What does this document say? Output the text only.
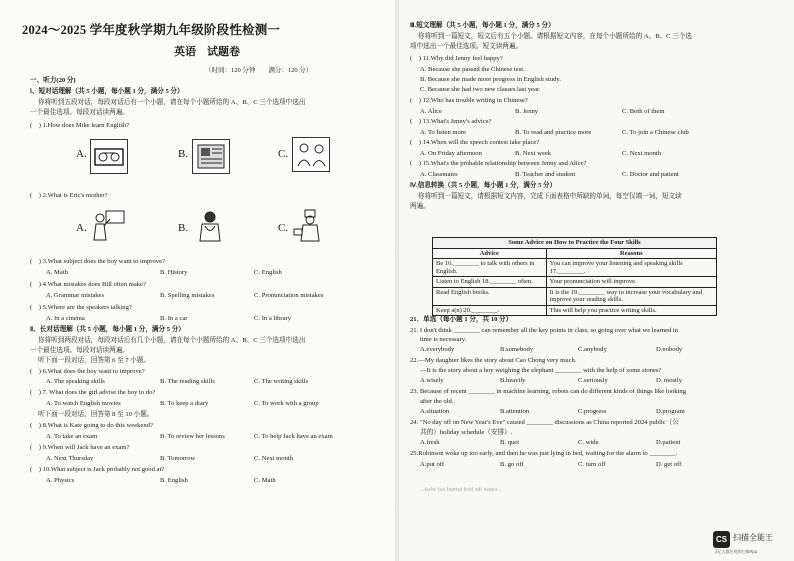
2024～2025 学年度秋学期九年级阶段性检测一
英语　试题卷
（时间：120 分钟　　满分：120 分）
一、听力(20 分)
Ⅰ、短对话理解（共 5 小题，每小题 1 分，满分 5 分）
你将听到五段对话，每段对话后有一个小题，请在每个小题所给的 A、B、C 三个选项中选出
一个最佳选项。每段对话读两遍。
(　) 1.How does Mike learn English?
A.	B.	C.
(　) 2.What is Eric's mother?
A.	B.	C.
(　) 3.What subject does the boy want to improve?
A. Math	B. History	C. English
(　) 4.What mistakes does Bill often make?
A. Grammar mistakes	B. Spelling mistakes	C. Pronunciation mistakes
(　) 5.Where are the speakers talking?
A. In a cinema	B. In a car	C. In a library
Ⅱ、长对话理解（共 5 小题，每小题 1 分，满分 5 分）
你将听到两段对话，每段对话后有几个小题，请在每个小题所给的 A、B、C 三个选项中选出
一个最佳选项。每段对话读两遍。
听下面一段对话，回答第 6 至 7 小题。
(　) 6.What does the boy want to improve?
A. The speaking skills	B. The reading skills	C. The writing skills
(　) 7. What does the girl advise the boy to do?
A. To watch English movies	B. To keep a diary	C. To work with a group
听下面一段对话，回答第 8 至 10 小题。
(　) 8.What is Kate going to do this weekend?
A. To take an exam	B. To review her lessons	C. To help Jack have an exam
(　) 9.When will Jack have an exam?
A. Next Thursday	B. Tomorrow	C. Next month
(　) 10.What subject is Jack probably not good at?
A. Physics	B. English	C. Math
Ⅲ.短文理解（共 5 小题，每小题 1 分，满分 5 分）
你将听到一篇短文，短文后有五个小题。请根据短文内容，在每个小题所给的 A、B、C 三个选
项中选出一个最佳选项。短文读两遍。
(　) 11.Why did Jenny feel happy?
A. Because she passed the Chinese test.
B. Because she made more progress in English study.
C. Because she had two new classes last year.
(　) 12.Who has trouble writing in Chinese?
A. Alice	B. Jenny	C. Both of them
(　) 13.What's Jenny's advice?
A. To listen more	B. To read and practice more	C. To join a Chinese club
(　) 14.When will the speech contest take place?
A. On Friday afternoon	B. Next week	C. Next month
(　) 15.What's the probable relationship between Jenny and Alice?
A. Classmates	B. Teacher and student	C. Doctor and patient
Ⅳ.信息转换（共 5 小题，每小题 1 分，满分 5 分）
你将听到一篇短文，请根据短文内容，完成下面表格中所缺的单词，每空仅填一词，短文读
两遍。
Some Advice on How to Practice the Four Skills	
Advice	Reasons
Be 16.________ to talk with others in English.	You can improve your listening and speaking skills 17.________.
Listen to English 18.________ often.	Your pronunciation will improve.
Read English books.	It is the 19.________ way to increase your vocabulary and improve your reading skills.
Keep a(n) 20.________.	This will help you practice writing skills.
21．单选（每小题 1 分，共 10 分）
21. I don't think ________ can remember all the key points in class, so going over what we learned in
time is necessary.
A.everybody	B.somebody	C.anybody	D.nobody
22.—My daughter likes the story about Cao Chong very much.
—It is the story about a boy weighing the elephant ________ with the help of some stones?
A.wisely	B.heavily	C.seriously	D. mostly
23. Because of recent ________ in machine learning, robots can do different kinds of things like looking
after the old.
A.situation	B.attention	C.progress	D.program
24. "No day off on New Year's Eve" caused ________ discussions as China reported 2024 public（公
共的）holiday schedule（安排）.
A.fresh	B. quet	C. wide	D.patient
25.Robinson woke up too early, and then he was just lying in bed, waiting for the alarm to ________.
A.put off	B. go off	C. turn off	D. get off
...cause the bird turned out what...
CS 扫描全能王
3亿人都在用的扫描App
